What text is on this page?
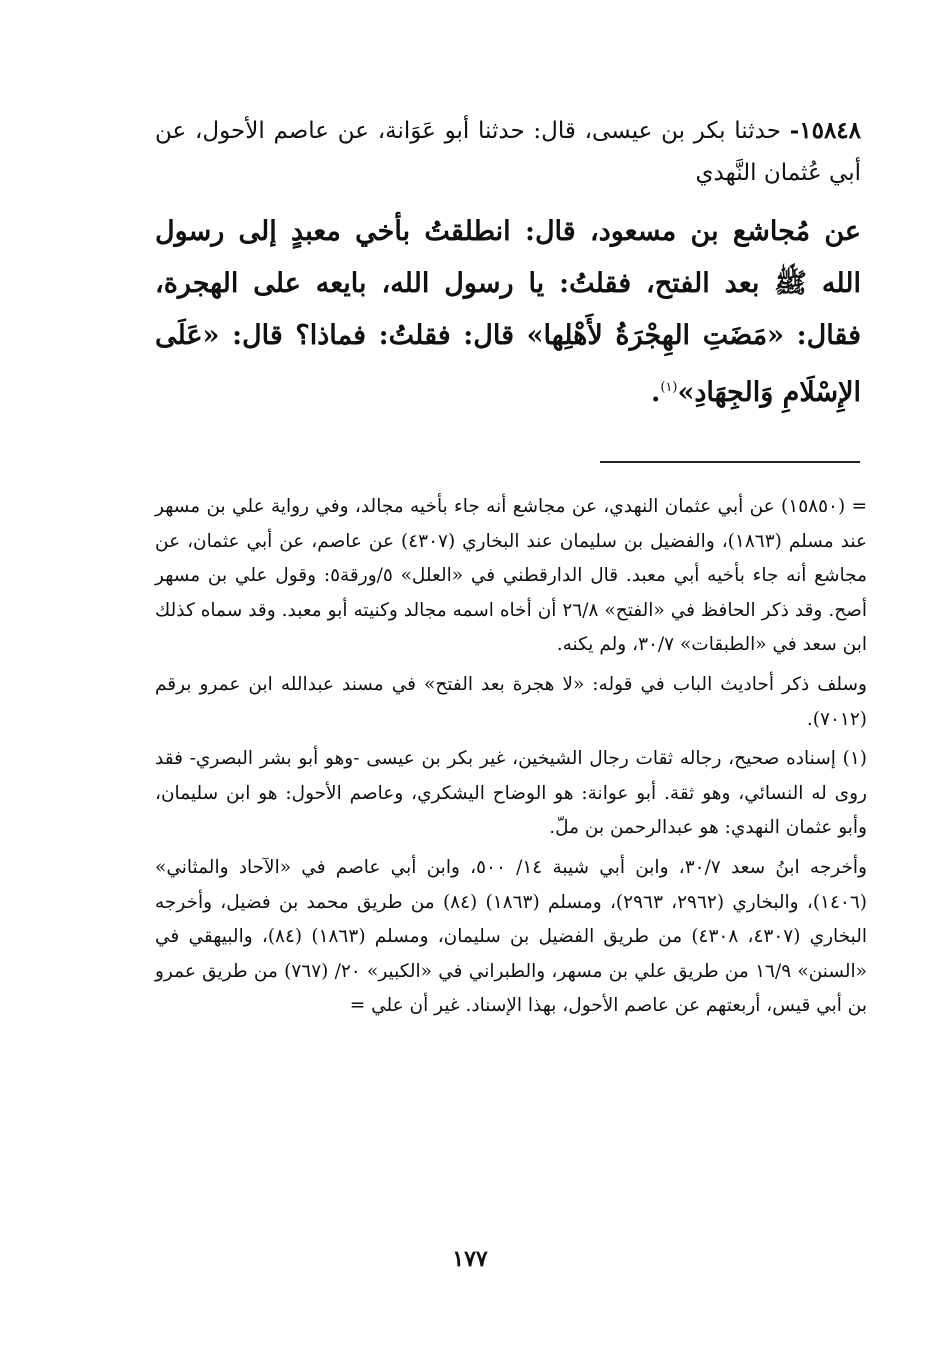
١٥٨٤٨- حدثنا بكر بن عيسى، قال: حدثنا أبو عَوَانة، عن عاصم الأحول، عن أبي عُثمان النَّهدي
عن مُجاشع بن مسعود، قال: انطلقتُ بأخي معبدٍ إلى رسول الله ﷺ بعد الفتح، فقلتُ: يا رسول الله، بايعه على الهجرة، فقال: «مَضَتِ الهِجْرَةُ لأَهْلِها» قال: فقلتُ: فماذا؟ قال: «عَلَى الإِسْلَامِ وَالجِهَادِ»$^{(١)}$.

= (١٥٨٥٠) عن أبي عثمان النهدي، عن مجاشع أنه جاء بأخيه مجالد، وفي رواية علي بن مسهر عند مسلم (١٨٦٣)، والفضيل بن سليمان عند البخاري (٤٣٠٧) عن عاصم، عن أبي عثمان، عن مجاشع أنه جاء بأخيه أبي معبد. قال الدارقطني في «العلل» ٥/ورقة٥: وقول علي بن مسهر أصح. وقد ذكر الحافظ في «الفتح» ٢٦/٨ أن أخاه اسمه مجالد وكنيته أبو معبد. وقد سماه كذلك ابن سعد في «الطبقات» ٣٠/٧، ولم يكنه.

وسلف ذكر أحاديث الباب في قوله: «لا هجرة بعد الفتح» في مسند عبدالله ابن عمرو برقم (٧٠١٢).

(١) إسناده صحيح، رجاله ثقات رجال الشيخين، غير بكر بن عيسى -وهو أبو بشر البصري- فقد روى له النسائي، وهو ثقة. أبو عوانة: هو الوضاح اليشكري، وعاصم الأحول: هو ابن سليمان، وأبو عثمان النهدي: هو عبدالرحمن بن ملّ.

وأخرجه ابنُ سعد ٣٠/٧، وابن أبي شيبة ١٤/ ٥٠٠، وابن أبي عاصم في «الآحاد والمثاني» (١٤٠٦)، والبخاري (٢٩٦٢، ٢٩٦٣)، ومسلم (١٨٦٣) (٨٤) من طريق محمد بن فضيل، وأخرجه البخاري (٤٣٠٧، ٤٣٠٨) من طريق الفضيل بن سليمان، ومسلم (١٨٦٣) (٨٤)، والبيهقي في «السنن» ١٦/٩ من طريق علي بن مسهر، والطبراني في «الكبير» ٢٠/ (٧٦٧) من طريق عمرو بن أبي قيس، أربعتهم عن عاصم الأحول، بهذا الإسناد. غير أن علي =

١٧٧
